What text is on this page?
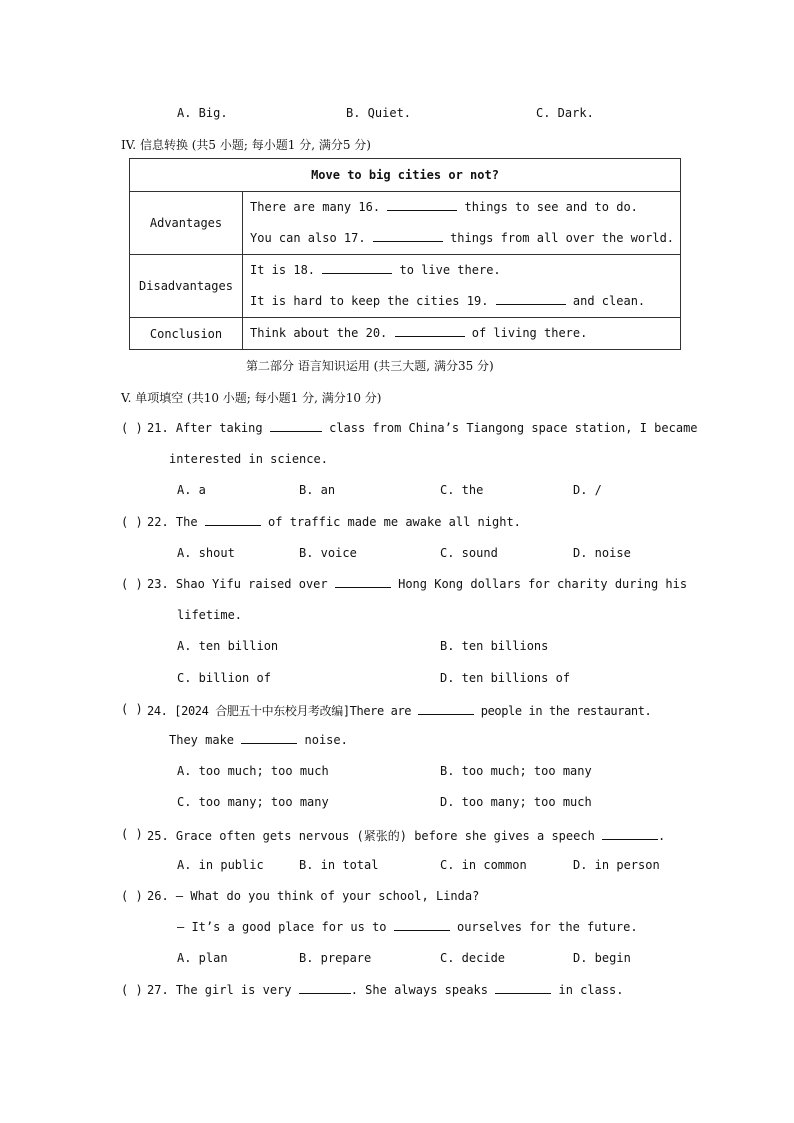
A. Big.	B. Quiet.	C. Dark.
IV. 信息转换 (共5 小题; 每小题1 分, 满分5 分)
Move to big cities or not?	
Advantages	There are many 16. things to see and to do.
You can also 17. things from all over the world.

Disadvantages	It is 18. to live there.
It is hard to keep the cities 19. and clean.

Conclusion	Think about the 20. of living there.
第二部分 语言知识运用 (共三大题, 满分35 分)
V. 单项填空 (共10 小题; 每小题1 分, 满分10 分)
( ) 21. After taking	class from China’s Tiangong space station, I became
interested in science.
A. a	B. an	C. the	D. /
( ) 22. The	of traffic made me awake all night.
A. shout	B. voice	C. sound	D. noise
( ) 23. Shao Yifu raised over	Hong Kong dollars for charity during his
lifetime.
A. ten billion	B. ten billions
C. billion of	D. ten billions of
( ) 24. [2024 合肥五十中东校月考改编]There are	people in the restaurant.
They make	noise.
A. too much; too much	B. too much; too many
C. too many; too many	D. too many; too much
( ) 25. Grace often gets nervous (紧张的) before she gives a speech	.
A. in public	B. in total	C. in common	D. in person
( ) 26. — What do you think of your school, Linda?
— It’s a good place for us to	ourselves for the future.
A. plan	B. prepare	C. decide	D. begin
( ) 27. The girl is very	. She always speaks	in class.
